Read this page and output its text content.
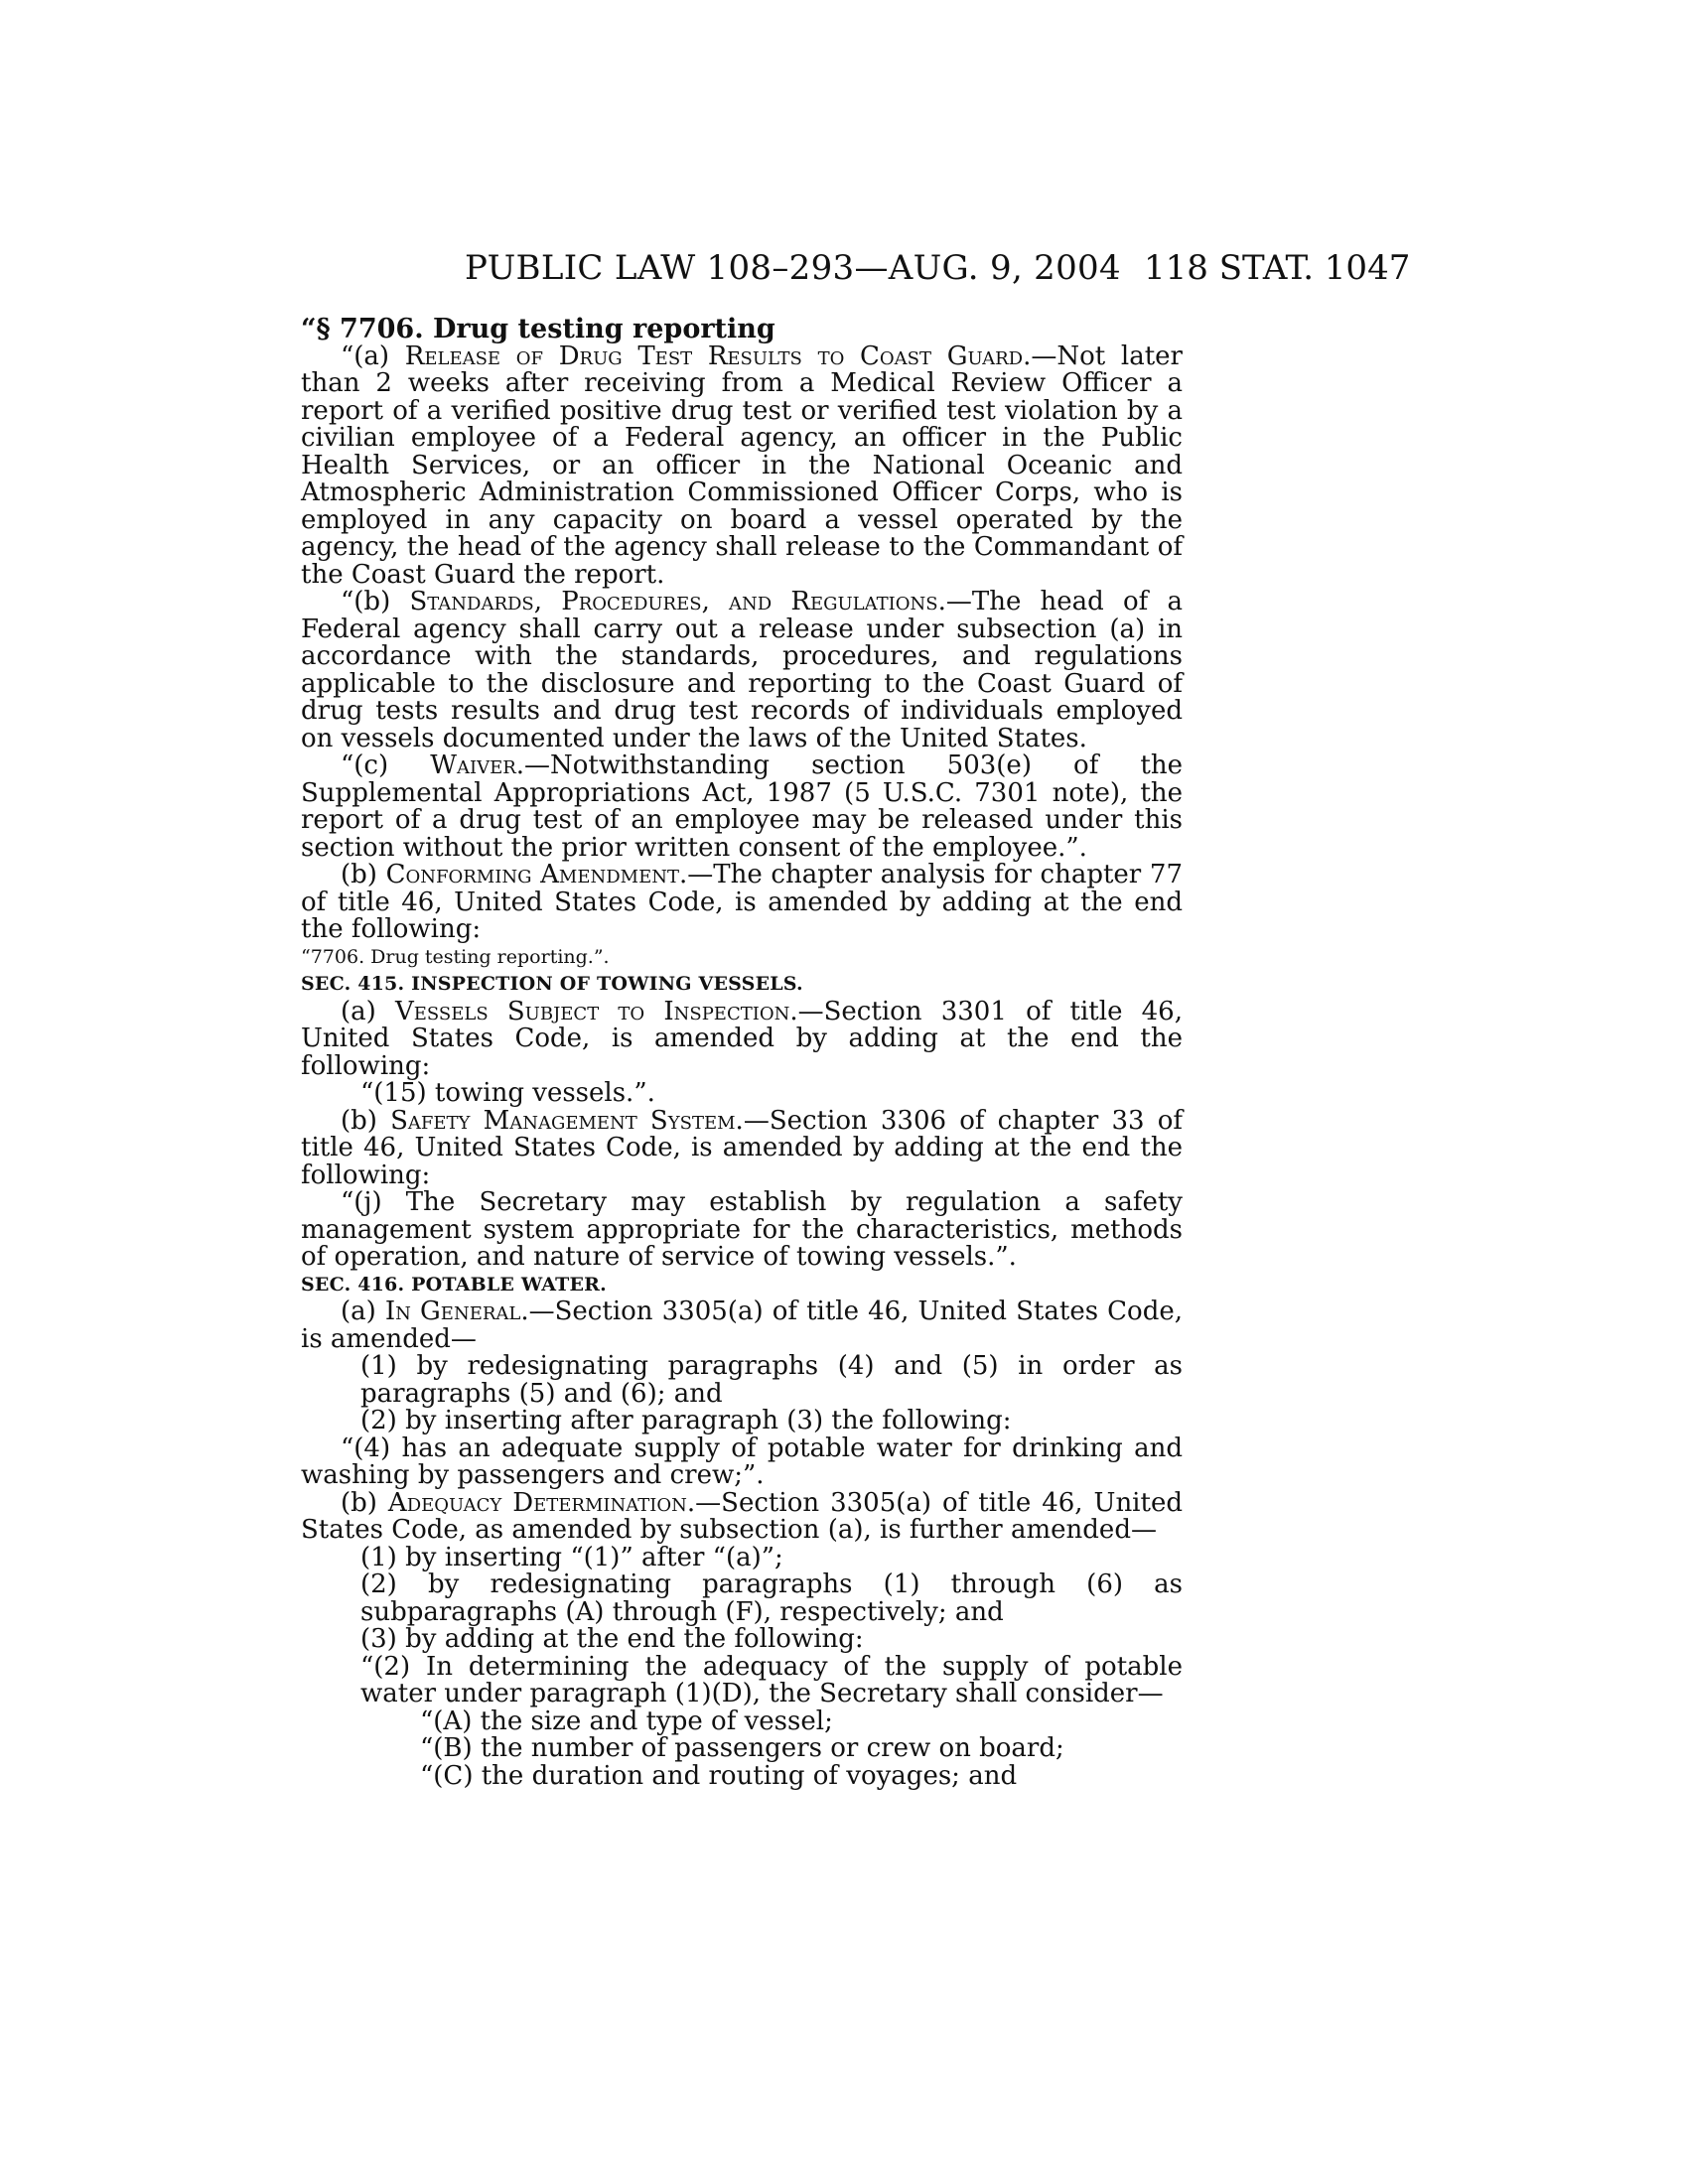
PUBLIC LAW 108–293—AUG. 9, 2004 118 STAT. 1047

“§ 7706. Drug testing reporting

“(a) Release of Drug Test Results to Coast Guard.—Not later than 2 weeks after receiving from a Medical Review Officer a report of a verified positive drug test or verified test violation by a civilian employee of a Federal agency, an officer in the Public Health Services, or an officer in the National Oceanic and Atmospheric Administration Commissioned Officer Corps, who is employed in any capacity on board a vessel operated by the agency, the head of the agency shall release to the Commandant of the Coast Guard the report.

“(b) Standards, Procedures, and Regulations.—The head of a Federal agency shall carry out a release under subsection (a) in accordance with the standards, procedures, and regulations applicable to the disclosure and reporting to the Coast Guard of drug tests results and drug test records of individuals employed on vessels documented under the laws of the United States.

“(c) Waiver.—Notwithstanding section 503(e) of the Supplemental Appropriations Act, 1987 (5 U.S.C. 7301 note), the report of a drug test of an employee may be released under this section without the prior written consent of the employee.”.

(b) Conforming Amendment.—The chapter analysis for chapter 77 of title 46, United States Code, is amended by adding at the end the following:

“7706. Drug testing reporting.”.

SEC. 415. INSPECTION OF TOWING VESSELS.

(a) Vessels Subject to Inspection.—Section 3301 of title 46, United States Code, is amended by adding at the end the following:

“(15) towing vessels.”.

(b) Safety Management System.—Section 3306 of chapter 33 of title 46, United States Code, is amended by adding at the end the following:

“(j) The Secretary may establish by regulation a safety management system appropriate for the characteristics, methods of operation, and nature of service of towing vessels.”.

SEC. 416. POTABLE WATER.

(a) In General.—Section 3305(a) of title 46, United States Code, is amended—

(1) by redesignating paragraphs (4) and (5) in order as paragraphs (5) and (6); and

(2) by inserting after paragraph (3) the following:

“(4) has an adequate supply of potable water for drinking and washing by passengers and crew;”.

(b) Adequacy Determination.—Section 3305(a) of title 46, United States Code, as amended by subsection (a), is further amended—

(1) by inserting “(1)” after “(a)”;

(2) by redesignating paragraphs (1) through (6) as subparagraphs (A) through (F), respectively; and

(3) by adding at the end the following:

“(2) In determining the adequacy of the supply of potable water under paragraph (1)(D), the Secretary shall consider—

“(A) the size and type of vessel;

“(B) the number of passengers or crew on board;

“(C) the duration and routing of voyages; and
